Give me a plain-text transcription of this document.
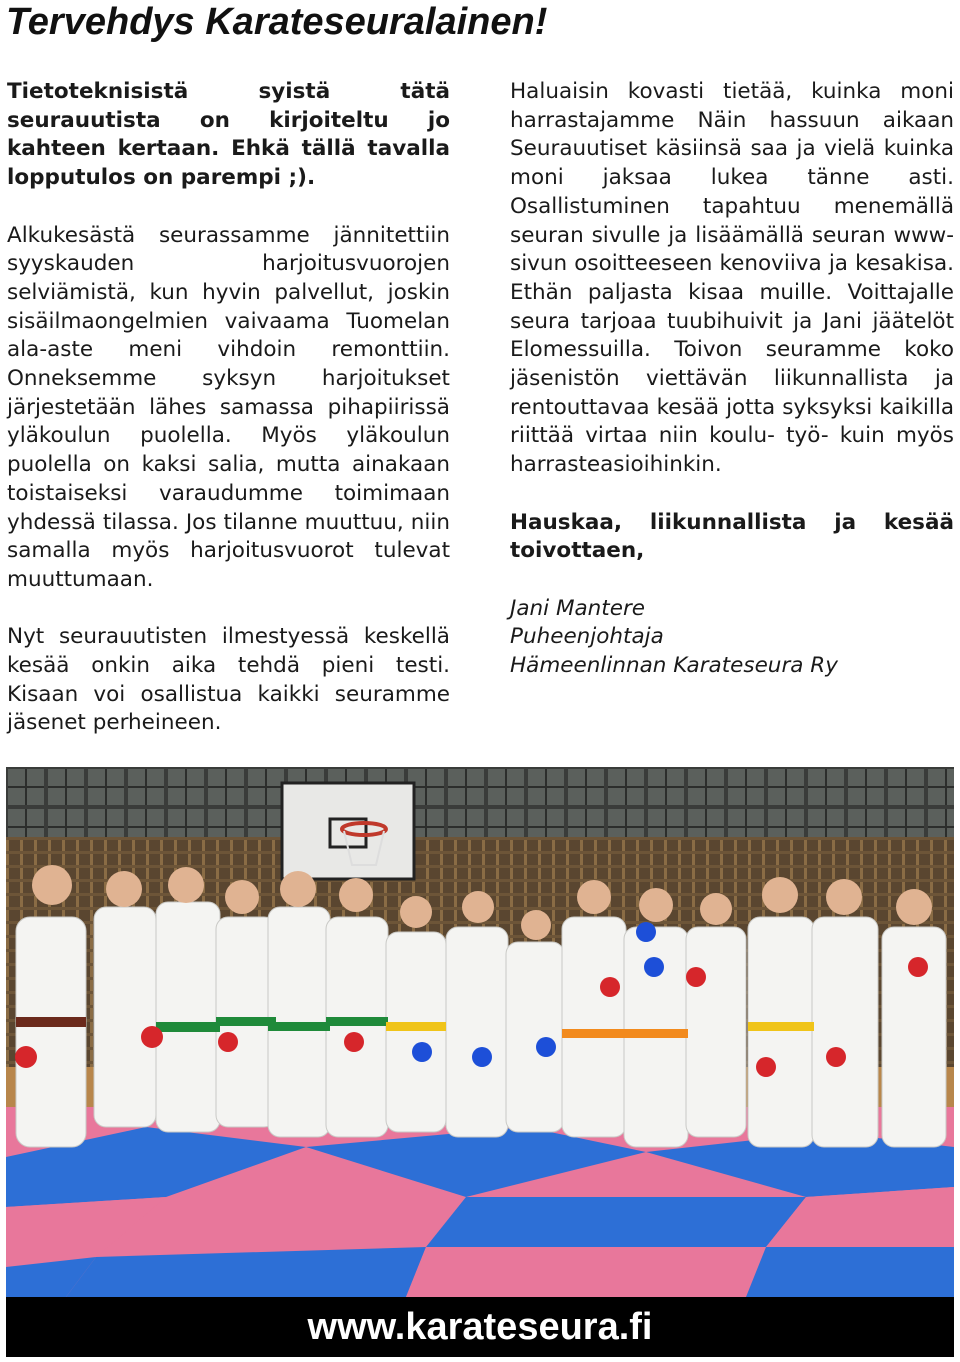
Tervehdys Karateseuralainen!

Tietoteknisistä syistä tätä seurauutista on kirjoiteltu jo kahteen kertaan. Ehkä tällä tavalla lopputulos on parempi ;).

Alkukesästä seurassamme jännitettiin syyskauden harjoitusvuorojen selviämistä, kun hyvin palvellut, joskin sisäilmaongelmien vaivaama Tuomelan ala-aste meni vihdoin remonttiin. Onneksemme syksyn harjoitukset järjestetään lähes samassa pihapiirissä yläkoulun puolella. Myös yläkoulun puolella on kaksi salia, mutta ainakaan toistaiseksi varaudumme toimimaan yhdessä tilassa. Jos tilanne muuttuu, niin samalla myös harjoitusvuorot tulevat muuttumaan.

Nyt seurauutisten ilmestyessä keskellä kesää onkin aika tehdä pieni testi. Kisaan voi osallistua kaikki seuramme jäsenet perheineen.

Haluaisin kovasti tietää, kuinka moni harrastajamme Näin hassuun aikaan Seurauutiset käsiinsä saa ja vielä kuinka moni jaksaa lukea tänne asti. Osallistuminen tapahtuu menemällä seuran sivulle ja lisäämällä seuran www-sivun osoitteeseen kenoviiva ja kesakisa. Ethän paljasta kisaa muille. Voittajalle seura tarjoaa tuubihuivit ja Jani jäätelöt Elomessuilla. Toivon seuramme koko jäsenistön viettävän liikunnallista ja rentouttavaa kesää jotta syksyksi kaikilla riittää virtaa niin koulu- työ- kuin myös harrasteasioihinkin.

Hauskaa, liikunnallista ja kesää toivottaen,

Jani Mantere

Puheenjohtaja

Hämeenlinnan Karateseura Ry

www.karateseura.fi
